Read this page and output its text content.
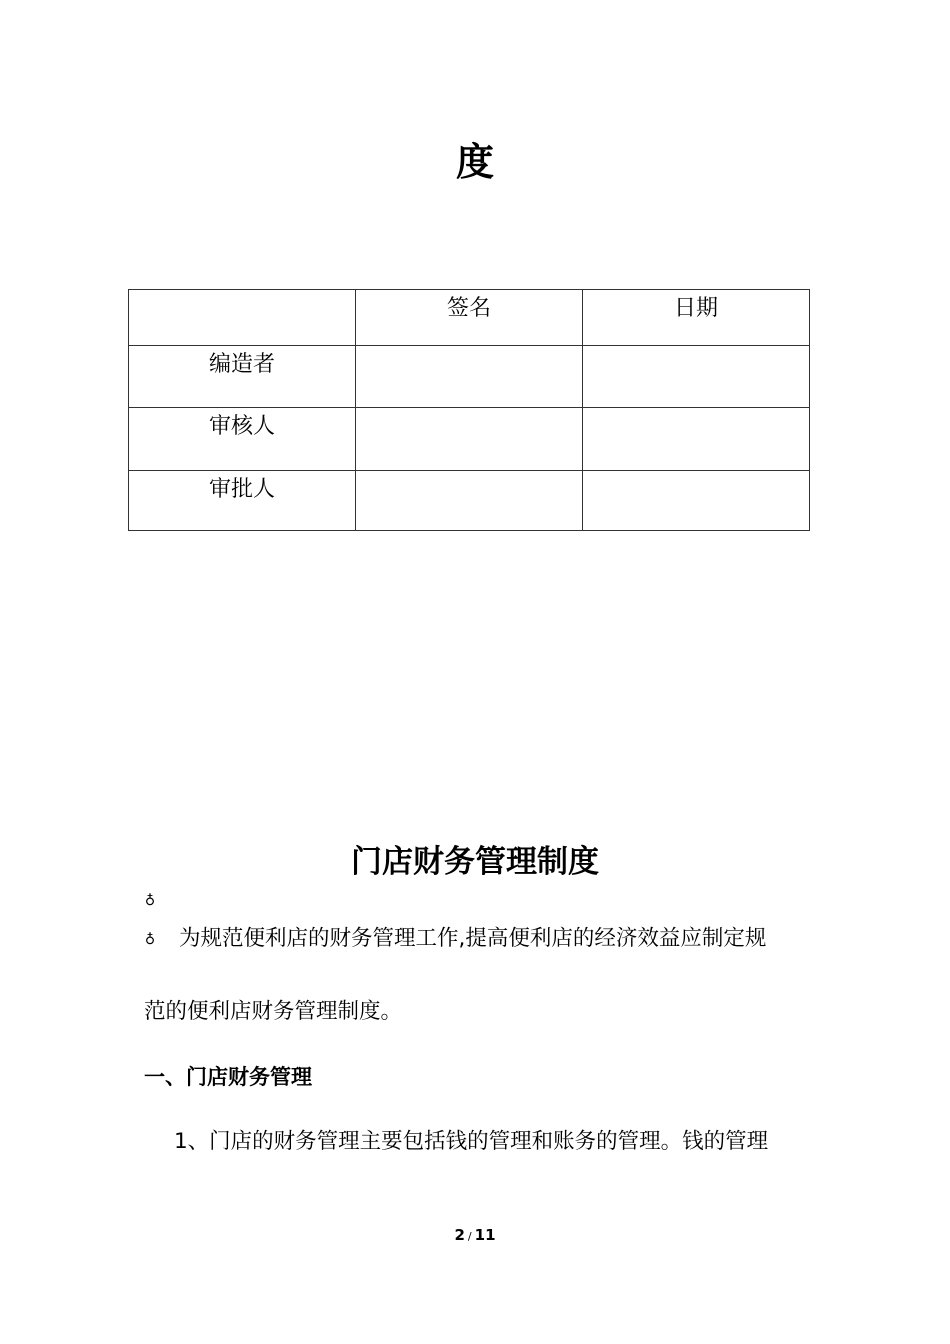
度

	签名	日期

编造者		

审核人		

审批人		

门店财务管理制度
♁
♁ 为规范便利店的财务管理工作,提高便利店的经济效益应制定规
范的便利店财务管理制度。
一、门店财务管理
1、门店的财务管理主要包括钱的管理和账务的管理。钱的管理
2 / 11
